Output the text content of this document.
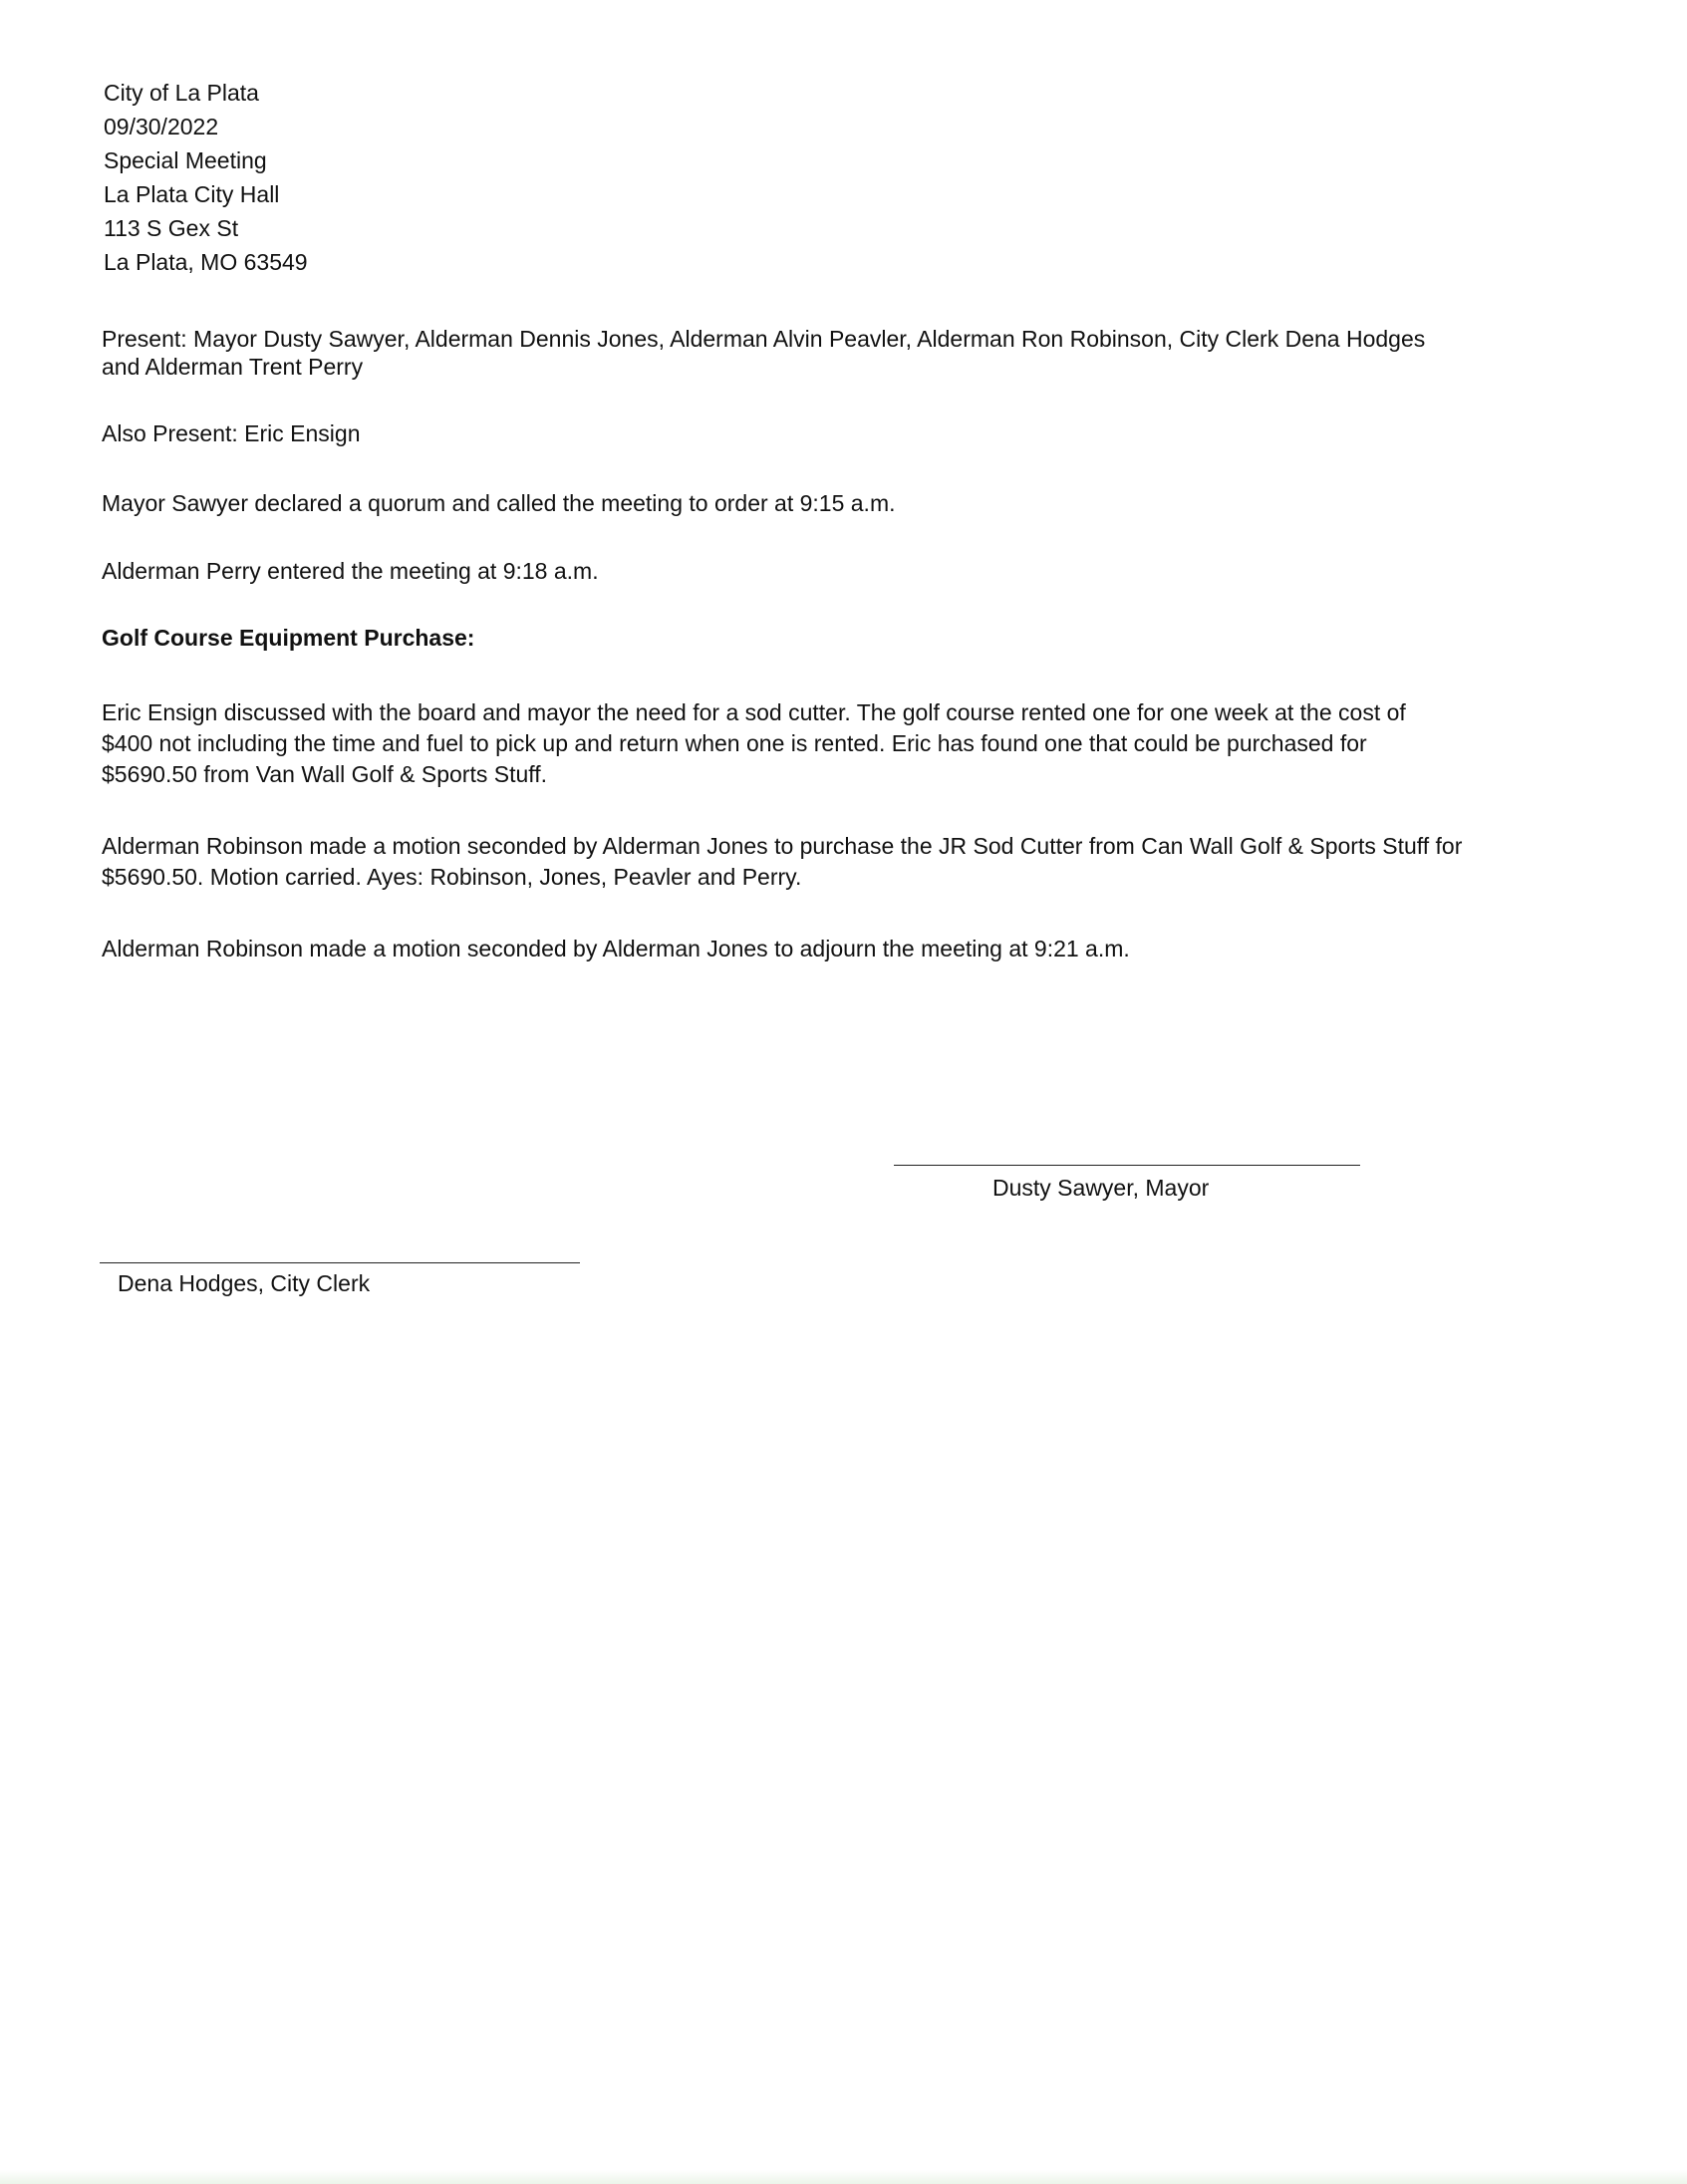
City of La Plata
09/30/2022
Special Meeting
La Plata City Hall
113 S Gex St
La Plata, MO 63549
Present: Mayor Dusty Sawyer, Alderman Dennis Jones, Alderman Alvin Peavler, Alderman Ron Robinson, City Clerk Dena Hodges
and Alderman Trent Perry
Also Present: Eric Ensign
Mayor Sawyer declared a quorum and called the meeting to order at 9:15 a.m.
Alderman Perry entered the meeting at 9:18 a.m.
Golf Course Equipment Purchase:
Eric Ensign discussed with the board and mayor the need for a sod cutter. The golf course rented one for one week at the cost of
$400 not including the time and fuel to pick up and return when one is rented. Eric has found one that could be purchased for
$5690.50 from Van Wall Golf & Sports Stuff.
Alderman Robinson made a motion seconded by Alderman Jones to purchase the JR Sod Cutter from Can Wall Golf & Sports Stuff for
$5690.50. Motion carried. Ayes: Robinson, Jones, Peavler and Perry.
Alderman Robinson made a motion seconded by Alderman Jones to adjourn the meeting at 9:21 a.m.
Dusty Sawyer, Mayor
Dena Hodges, City Clerk
